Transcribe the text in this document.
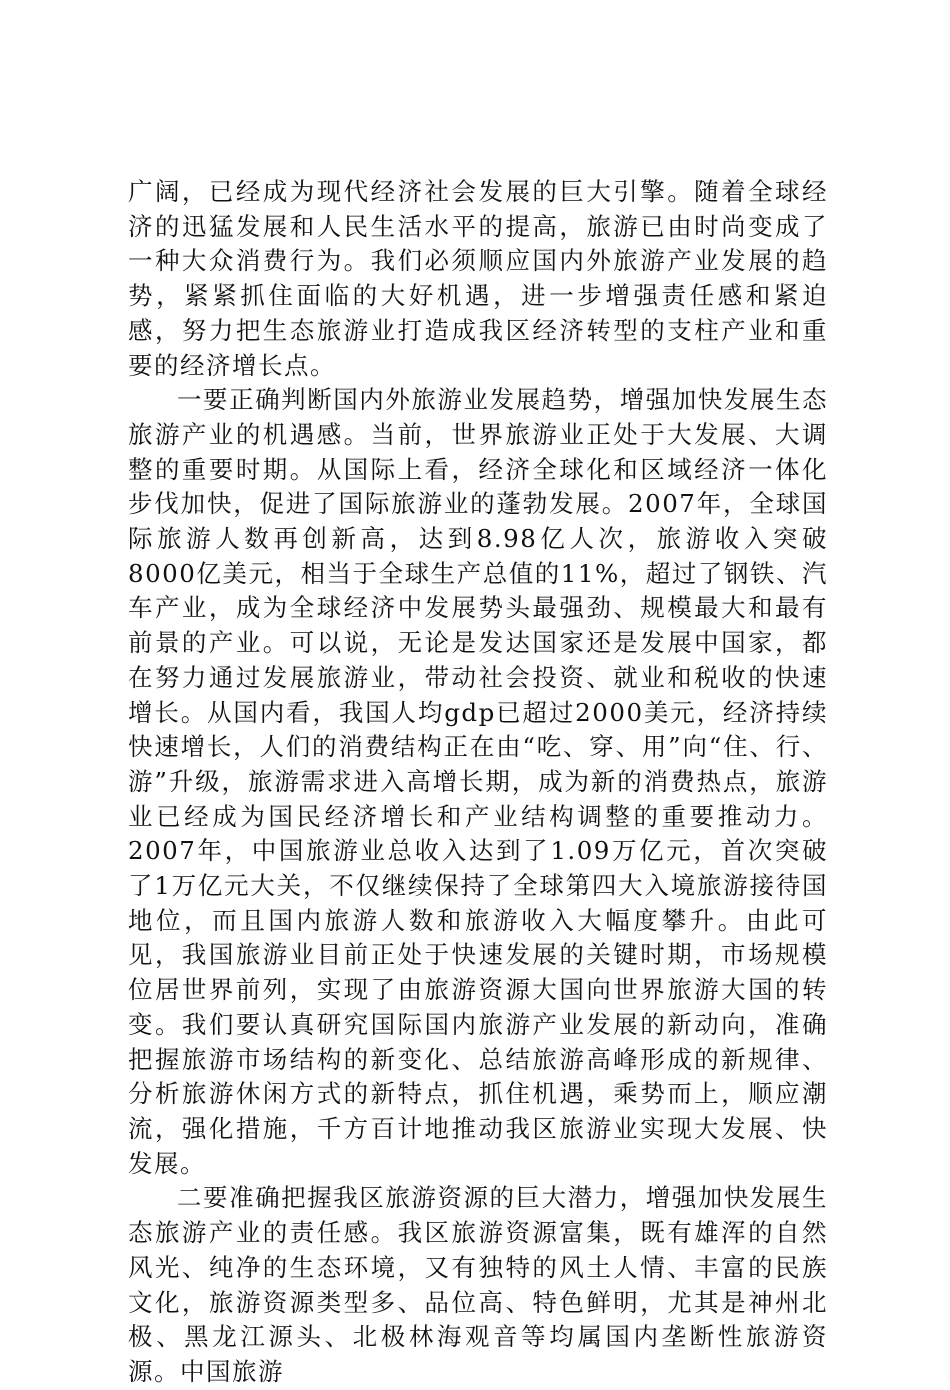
广阔，已经成为现代经济社会发展的巨大引擎。随着全球经济的迅猛发展和人民生活水平的提高，旅游已由时尚变成了一种大众消费行为。我们必须顺应国内外旅游产业发展的趋势，紧紧抓住面临的大好机遇，进一步增强责任感和紧迫感，努力把生态旅游业打造成我区经济转型的支柱产业和重要的经济增长点。

一要正确判断国内外旅游业发展趋势，增强加快发展生态旅游产业的机遇感。当前，世界旅游业正处于大发展、大调整的重要时期。从国际上看，经济全球化和区域经济一体化步伐加快，促进了国际旅游业的蓬勃发展。2007年，全球国际旅游人数再创新高，达到8.98亿人次，旅游收入突破8000亿美元，相当于全球生产总值的11%，超过了钢铁、汽车产业，成为全球经济中发展势头最强劲、规模最大和最有前景的产业。可以说，无论是发达国家还是发展中国家，都在努力通过发展旅游业，带动社会投资、就业和税收的快速增长。从国内看，我国人均gdp已超过2000美元，经济持续快速增长，人们的消费结构正在由“吃、穿、用”向“住、行、游”升级，旅游需求进入高增长期，成为新的消费热点，旅游业已经成为国民经济增长和产业结构调整的重要推动力。2007年，中国旅游业总收入达到了1.09万亿元，首次突破了1万亿元大关，不仅继续保持了全球第四大入境旅游接待国地位，而且国内旅游人数和旅游收入大幅度攀升。由此可见，我国旅游业目前正处于快速发展的关键时期，市场规模位居世界前列，实现了由旅游资源大国向世界旅游大国的转变。我们要认真研究国际国内旅游产业发展的新动向，准确把握旅游市场结构的新变化、总结旅游高峰形成的新规律、分析旅游休闲方式的新特点，抓住机遇，乘势而上，顺应潮流，强化措施，千方百计地推动我区旅游业实现大发展、快发展。

二要准确把握我区旅游资源的巨大潜力，增强加快发展生态旅游产业的责任感。我区旅游资源富集，既有雄浑的自然风光、纯净的生态环境，又有独特的风土人情、丰富的民族文化，旅游资源类型多、品位高、特色鲜明，尤其是神州北极、黑龙江源头、北极林海观音等均属国内垄断性旅游资源。中国旅游
